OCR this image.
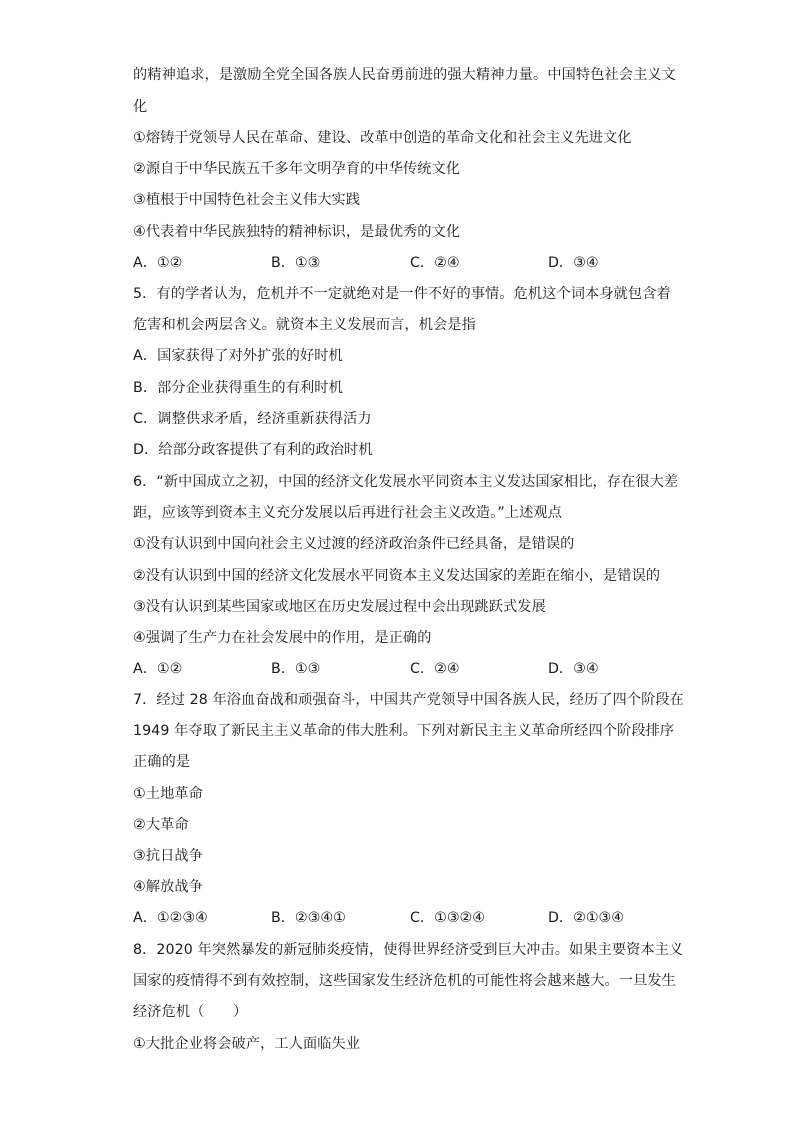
的精神追求，是激励全党全国各族人民奋勇前进的强大精神力量。中国特色社会主义文
化
①熔铸于党领导人民在革命、建设、改革中创造的革命文化和社会主义先进文化
②源自于中华民族五千多年文明孕育的中华传统文化
③植根于中国特色社会主义伟大实践
④代表着中华民族独特的精神标识，是最优秀的文化
A．①②	B．①③	C．②④	D．③④
5．有的学者认为，危机并不一定就绝对是一件不好的事情。危机这个词本身就包含着
危害和机会两层含义。就资本主义发展而言，机会是指
A．国家获得了对外扩张的好时机
B．部分企业获得重生的有利时机
C．调整供求矛盾，经济重新获得活力
D．给部分政客提供了有利的政治时机
6．“新中国成立之初，中国的经济文化发展水平同资本主义发达国家相比，存在很大差
距，应该等到资本主义充分发展以后再进行社会主义改造。”上述观点
①没有认识到中国向社会主义过渡的经济政治条件已经具备，是错误的
②没有认识到中国的经济文化发展水平同资本主义发达国家的差距在缩小，是错误的
③没有认识到某些国家或地区在历史发展过程中会出现跳跃式发展
④强调了生产力在社会发展中的作用，是正确的
A．①②	B．①③	C．②④	D．③④
7．经过 28 年浴血奋战和顽强奋斗，中国共产党领导中国各族人民，经历了四个阶段在
1949 年夺取了新民主主义革命的伟大胜利。下列对新民主主义革命所经四个阶段排序
正确的是
①土地革命
②大革命
③抗日战争
④解放战争
A．①②③④	B．②③④①	C．①③②④	D．②①③④
8．2020 年突然暴发的新冠肺炎疫情，使得世界经济受到巨大冲击。如果主要资本主义
国家的疫情得不到有效控制，这些国家发生经济危机的可能性将会越来越大。一旦发生
经济危机（　　）
①大批企业将会破产，工人面临失业
